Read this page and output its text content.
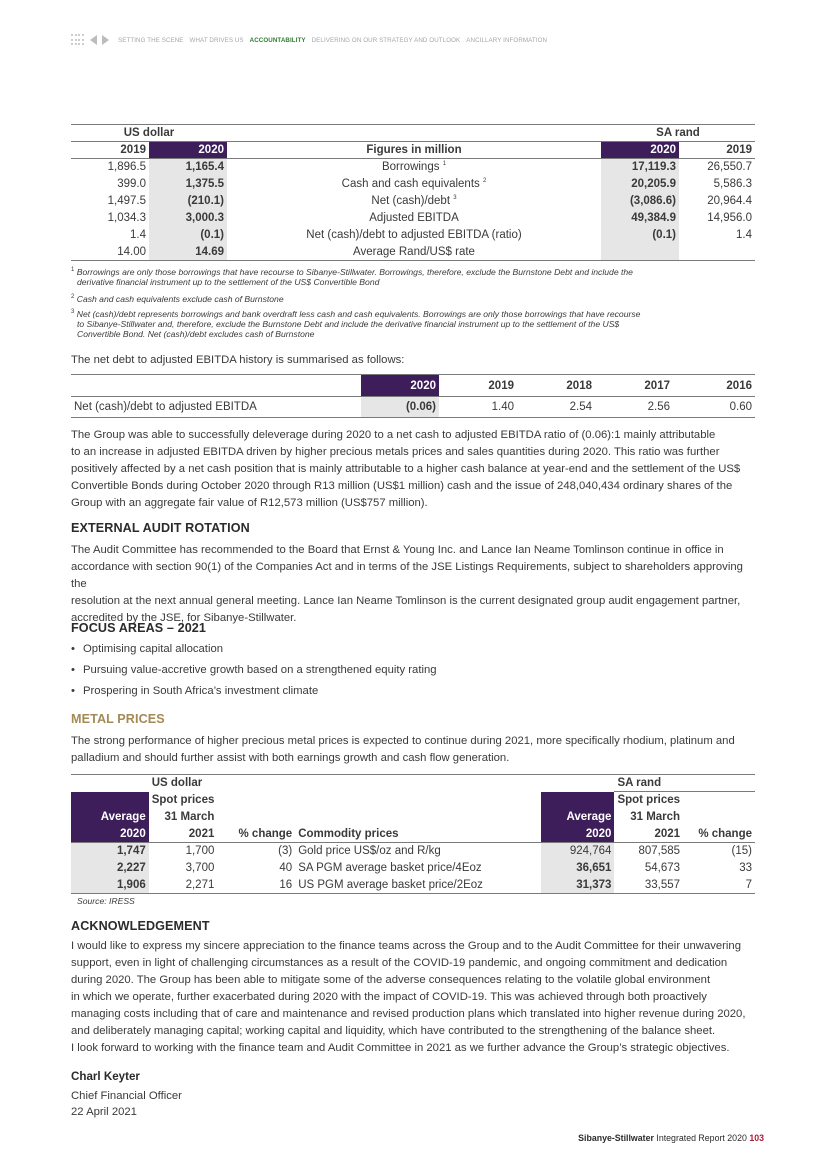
SETTING THE SCENE WHAT DRIVES US ACCOUNTABILITY DELIVERING ON OUR STRATEGY AND OUTLOOK ANCILLARY INFORMATION
US dollar			SA rand	
2019	2020	Figures in million	2020	2019
1,896.5	1,165.4	Borrowings $^1$	17,119.3	26,550.7
399.0	1,375.5	Cash and cash equivalents $^2$	20,205.9	5,586.3
1,497.5	(210.1)	Net (cash)/debt $^3$	(3,086.6)	20,964.4
1,034.3	3,000.3	Adjusted EBITDA	49,384.9	14,956.0
1.4	(0.1)	Net (cash)/debt to adjusted EBITDA (ratio)	(0.1)	1.4
14.00	14.69	Average Rand/US$ rate		
$^1$ Borrowings are only those borrowings that have recourse to Sibanye-Stillwater. Borrowings, therefore, exclude the Burnstone Debt and include the
derivative financial instrument up to the settlement of the US$ Convertible Bond
$^2$ Cash and cash equivalents exclude cash of Burnstone
$^3$ Net (cash)/debt represents borrowings and bank overdraft less cash and cash equivalents. Borrowings are only those borrowings that have recourse
to Sibanye-Stillwater and, therefore, exclude the Burnstone Debt and include the derivative financial instrument up to the settlement of the US$
Convertible Bond. Net (cash)/debt excludes cash of Burnstone
The net debt to adjusted EBITDA history is summarised as follows:
	2020	2019	2018	2017	2016
Net (cash)/debt to adjusted EBITDA	(0.06)	1.40	2.54	2.56	0.60
The Group was able to successfully deleverage during 2020 to a net cash to adjusted EBITDA ratio of (0.06):1 mainly attributable
to an increase in adjusted EBITDA driven by higher precious metals prices and sales quantities during 2020. This ratio was further
positively affected by a net cash position that is mainly attributable to a higher cash balance at year-end and the settlement of the US$
Convertible Bonds during October 2020 through R13 million (US$1 million) cash and the issue of 248,040,434 ordinary shares of the
Group with an aggregate fair value of R12,573 million (US$757 million).
EXTERNAL AUDIT ROTATION
The Audit Committee has recommended to the Board that Ernst & Young Inc. and Lance Ian Neame Tomlinson continue in office in
accordance with section 90(1) of the Companies Act and in terms of the JSE Listings Requirements, subject to shareholders approving the
resolution at the next annual general meeting. Lance Ian Neame Tomlinson is the current designated group audit engagement partner,
accredited by the JSE, for Sibanye-Stillwater.
FOCUS AREAS – 2021
• Optimising capital allocation
• Pursuing value-accretive growth based on a strengthened equity rating
• Prospering in South Africa’s investment climate
METAL PRICES
The strong performance of higher precious metal prices is expected to continue during 2021, more specifically rhodium, platinum and
palladium and should further assist with both earnings growth and cash flow generation.
	US dollar				SA rand	
	Spot prices				Spot prices	
Average	31 March			Average	31 March	
2020	2021	% change	Commodity prices	2020	2021	% change
1,747	1,700	(3)	Gold price US$/oz and R/kg	924,764	807,585	(15)
2,227	3,700	40	SA PGM average basket price/4Eoz	36,651	54,673	33
1,906	2,271	16	US PGM average basket price/2Eoz	31,373	33,557	7
Source: IRESS
ACKNOWLEDGEMENT
I would like to express my sincere appreciation to the finance teams across the Group and to the Audit Committee for their unwavering
support, even in light of challenging circumstances as a result of the COVID-19 pandemic, and ongoing commitment and dedication
during 2020. The Group has been able to mitigate some of the adverse consequences relating to the volatile global environment
in which we operate, further exacerbated during 2020 with the impact of COVID-19. This was achieved through both proactively
managing costs including that of care and maintenance and revised production plans which translated into higher revenue during 2020,
and deliberately managing capital; working capital and liquidity, which have contributed to the strengthening of the balance sheet.
I look forward to working with the finance team and Audit Committee in 2021 as we further advance the Group’s strategic objectives.
Charl Keyter
Chief Financial Officer
22 April 2021
Sibanye-Stillwater Integrated Report 2020 103
